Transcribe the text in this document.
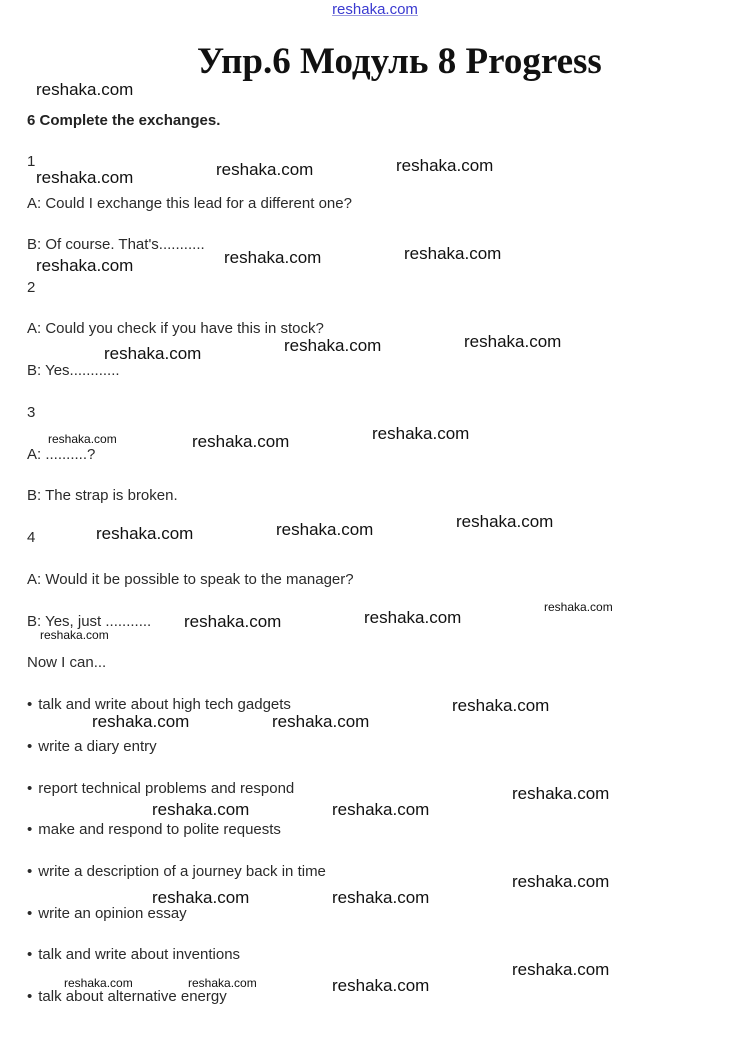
reshaka.com
Упр.6 Модуль 8 Progress
6 Complete the exchanges.
1
A: Could I exchange this lead for a different one?
B: Of course. That's...........
2
A: Could you check if you have this in stock?
B: Yes............
3
A: ..........?
B: The strap is broken.
4
A: Would it be possible to speak to the manager?
B: Yes, just ...........
Now I can...
• talk and write about high tech gadgets
• write a diary entry
• report technical problems and respond
• make and respond to polite requests
• write a description of a journey back in time
• write an opinion essay
• talk and write about inventions
• talk about alternative energy
reshaka.com
reshaka.com	reshaka.com	reshaka.com
reshaka.com	reshaka.com	reshaka.com
reshaka.com	reshaka.com	reshaka.com
reshaka.com	reshaka.com
reshaka.com	reshaka.com	reshaka.com
reshaka.com	reshaka.com
reshaka.com	reshaka.com
reshaka.com
reshaka.com	reshaka.com
reshaka.com
reshaka.com	reshaka.com
reshaka.com
reshaka.com
reshaka.com
reshaka.com
reshaka.com
reshaka.com
reshaka.com	reshaka.com
